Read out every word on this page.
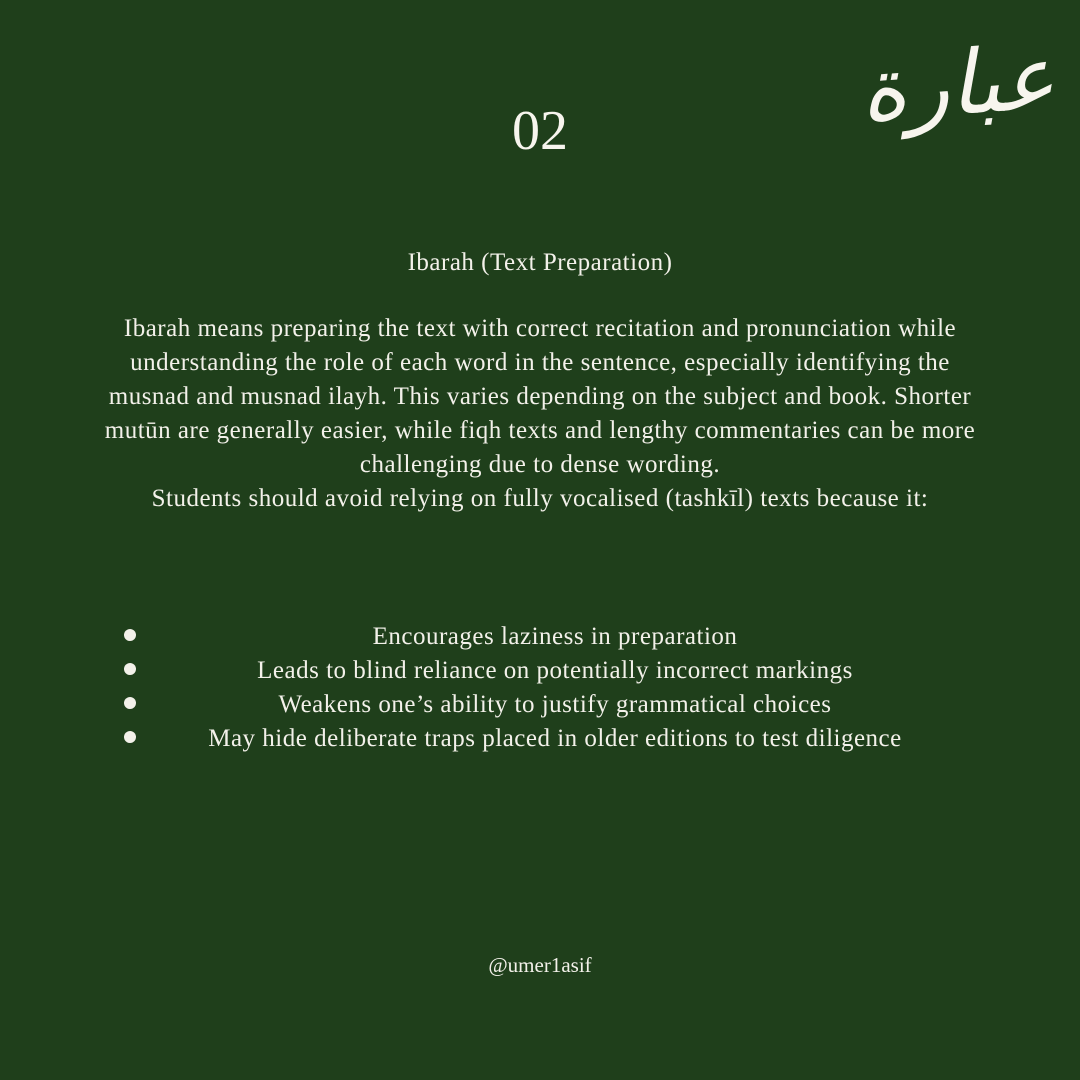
عبارة
02
Ibarah (Text Preparation)

Ibarah means preparing the text with correct recitation and pronunciation while understanding the role of each word in the sentence, especially identifying the musnad and musnad ilayh. This varies depending on the subject and book. Shorter mutūn are generally easier, while fiqh texts and lengthy commentaries can be more challenging due to dense wording.

Students should avoid relying on fully vocalised (tashkīl) texts because it:

Encourages laziness in preparation
Leads to blind reliance on potentially incorrect markings
Weakens one’s ability to justify grammatical choices
May hide deliberate traps placed in older editions to test diligence
@umer1asif
